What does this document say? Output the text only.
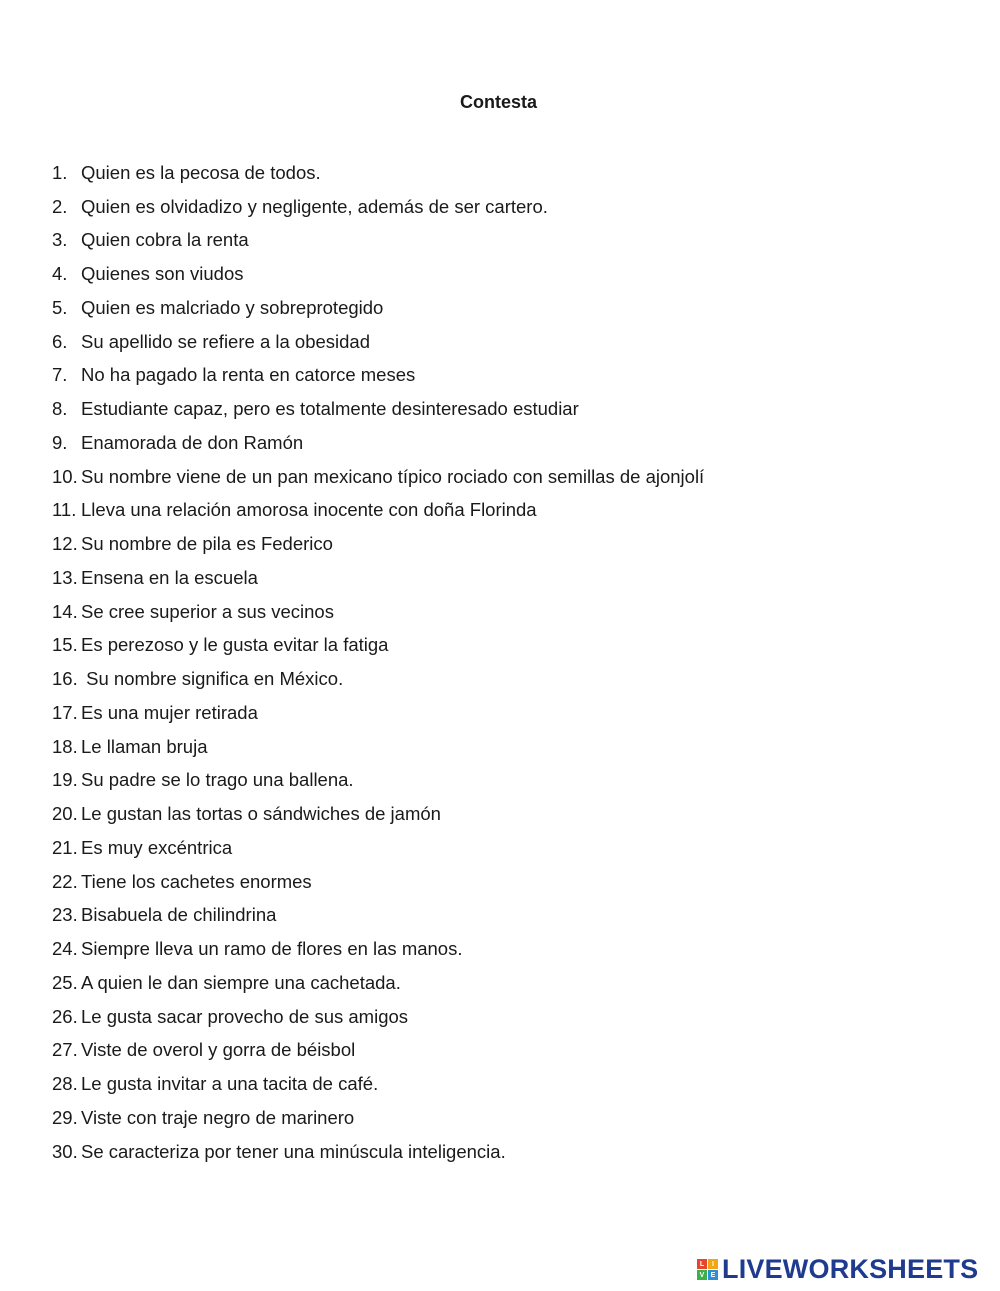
Contesta
1. Quien es la pecosa de todos.
2. Quien es olvidadizo y negligente, además de ser cartero.
3. Quien cobra la renta
4. Quienes son viudos
5. Quien es malcriado y sobreprotegido
6. Su apellido se refiere a la obesidad
7. No ha pagado la renta en catorce meses
8. Estudiante capaz, pero es totalmente desinteresado estudiar
9. Enamorada de don Ramón
10. Su nombre viene de un pan mexicano típico rociado con semillas de ajonjolí
11. Lleva una relación amorosa inocente con doña Florinda
12. Su nombre de pila es Federico
13. Ensena en la escuela
14. Se cree superior a sus vecinos
15. Es perezoso y le gusta evitar la fatiga
16. Su nombre significa en México.
17. Es una mujer retirada
18. Le llaman bruja
19. Su padre se lo trago una ballena.
20. Le gustan las tortas o sándwiches de jamón
21. Es muy excéntrica
22. Tiene los cachetes enormes
23. Bisabuela de chilindrina
24. Siempre lleva un ramo de flores en las manos.
25. A quien le dan siempre una cachetada.
26. Le gusta sacar provecho de sus amigos
27. Viste de overol y gorra de béisbol
28. Le gusta invitar a una tacita de café.
29. Viste con traje negro de marinero
30. Se caracteriza por tener una minúscula inteligencia.
L	I
V E LIVEWORKSHEETS
